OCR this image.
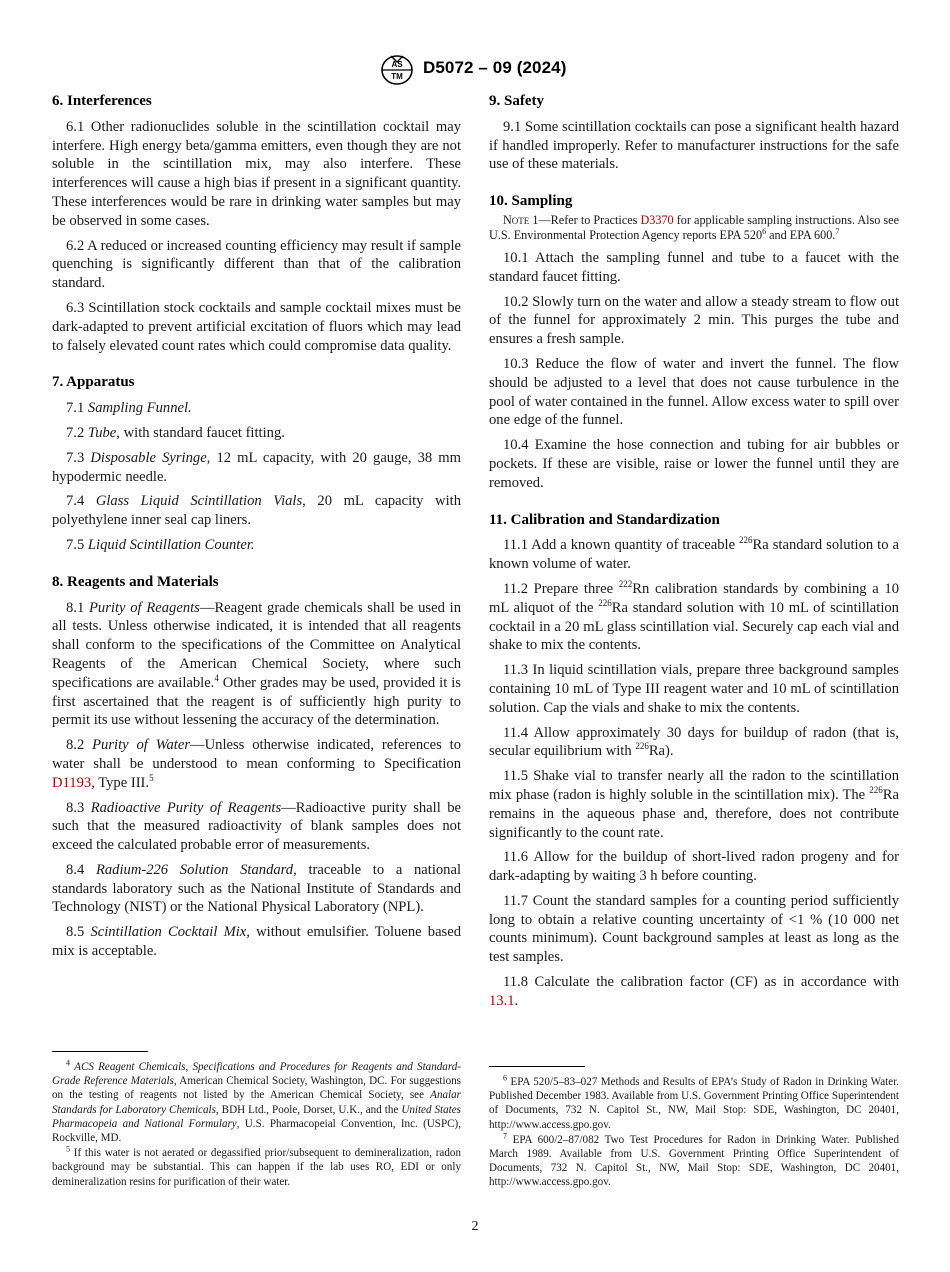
AS
TM D5072 – 09 (2024)
6. Interferences

6.1 Other radionuclides soluble in the scintillation cocktail may interfere. High energy beta/gamma emitters, even though they are not soluble in the scintillation mix, may also interfere. These interferences will cause a high bias if present in a significant quantity. These interferences would be rare in drinking water samples but may be observed in some cases.

6.2 A reduced or increased counting efficiency may result if sample quenching is significantly different than that of the calibration standard.

6.3 Scintillation stock cocktails and sample cocktail mixes must be dark-adapted to prevent artificial excitation of fluors which may lead to falsely elevated count rates which could compromise data quality.

7. Apparatus

7.1 Sampling Funnel.

7.2 Tube, with standard faucet fitting.

7.3 Disposable Syringe, 12 mL capacity, with 20 gauge, 38 mm hypodermic needle.

7.4 Glass Liquid Scintillation Vials, 20 mL capacity with polyethylene inner seal cap liners.

7.5 Liquid Scintillation Counter.

8. Reagents and Materials

8.1 Purity of Reagents—Reagent grade chemicals shall be used in all tests. Unless otherwise indicated, it is intended that all reagents shall conform to the specifications of the Committee on Analytical Reagents of the American Chemical Society, where such specifications are available.$^4$ Other grades may be used, provided it is first ascertained that the reagent is of sufficiently high purity to permit its use without lessening the accuracy of the determination.

8.2 Purity of Water—Unless otherwise indicated, references to water shall be understood to mean conforming to Specification D1193, Type III.$^5$

8.3 Radioactive Purity of Reagents—Radioactive purity shall be such that the measured radioactivity of blank samples does not exceed the calculated probable error of measurements.

8.4 Radium-226 Solution Standard, traceable to a national standards laboratory such as the National Institute of Standards and Technology (NIST) or the National Physical Laboratory (NPL).

8.5 Scintillation Cocktail Mix, without emulsifier. Toluene based mix is acceptable.

$^4$ ACS Reagent Chemicals, Specifications and Procedures for Reagents and Standard-Grade Reference Materials, American Chemical Society, Washington, DC. For suggestions on the testing of reagents not listed by the American Chemical Society, see Analar Standards for Laboratory Chemicals, BDH Ltd., Poole, Dorset, U.K., and the United States Pharmacopeia and National Formulary, U.S. Pharmacopeial Convention, Inc. (USPC), Rockville, MD.

$^5$ If this water is not aerated or degassified prior/subsequent to demineralization, radon background may be substantial. This can happen if the lab uses RO, EDI or only demineralization resins for purification of their water.

9. Safety

9.1 Some scintillation cocktails can pose a significant health hazard if handled improperly. Refer to manufacturer instructions for the safe use of these materials.

10. Sampling

Note 1—Refer to Practices D3370 for applicable sampling instructions. Also see U.S. Environmental Protection Agency reports EPA 520$^6$ and EPA 600.$^7$

10.1 Attach the sampling funnel and tube to a faucet with the standard faucet fitting.

10.2 Slowly turn on the water and allow a steady stream to flow out of the funnel for approximately 2 min. This purges the tube and ensures a fresh sample.

10.3 Reduce the flow of water and invert the funnel. The flow should be adjusted to a level that does not cause turbulence in the pool of water contained in the funnel. Allow excess water to spill over one edge of the funnel.

10.4 Examine the hose connection and tubing for air bubbles or pockets. If these are visible, raise or lower the funnel until they are removed.

11. Calibration and Standardization

11.1 Add a known quantity of traceable $^{226}$Ra standard solution to a known volume of water.

11.2 Prepare three $^{222}$Rn calibration standards by combining a 10 mL aliquot of the $^{226}$Ra standard solution with 10 mL of scintillation cocktail in a 20 mL glass scintillation vial. Securely cap each vial and shake to mix the contents.

11.3 In liquid scintillation vials, prepare three background samples containing 10 mL of Type III reagent water and 10 mL of scintillation solution. Cap the vials and shake to mix the contents.

11.4 Allow approximately 30 days for buildup of radon (that is, secular equilibrium with $^{226}$Ra).

11.5 Shake vial to transfer nearly all the radon to the scintillation mix phase (radon is highly soluble in the scintillation mix). The $^{226}$Ra remains in the aqueous phase and, therefore, does not contribute significantly to the count rate.

11.6 Allow for the buildup of short-lived radon progeny and for dark-adapting by waiting 3 h before counting.

11.7 Count the standard samples for a counting period sufficiently long to obtain a relative counting uncertainty of <1 % (10 000 net counts minimum). Count background samples at least as long as the test samples.

11.8 Calculate the calibration factor (CF) as in accordance with 13.1.

$^6$ EPA 520/5–83–027 Methods and Results of EPA’s Study of Radon in Drinking Water. Published December 1983. Available from U.S. Government Printing Office Superintendent of Documents, 732 N. Capitol St., NW, Mail Stop: SDE, Washington, DC 20401, http://www.access.gpo.gov.

$^7$ EPA 600/2–87/082 Two Test Procedures for Radon in Drinking Water. Published March 1989. Available from U.S. Government Printing Office Superintendent of Documents, 732 N. Capitol St., NW, Mail Stop: SDE, Washington, DC 20401, http://www.access.gpo.gov.

2
